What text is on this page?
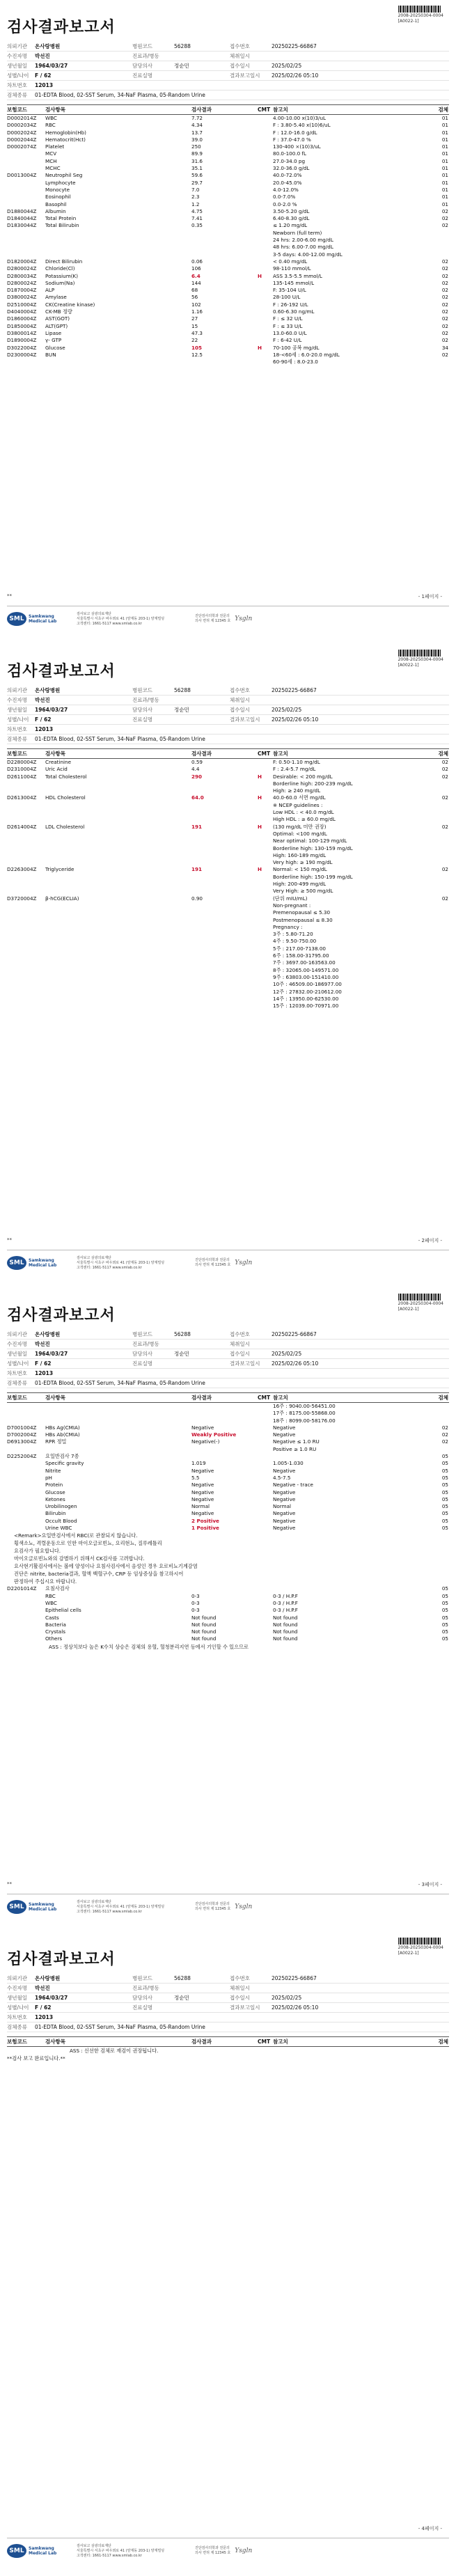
2008-20250304-0004
[A0022-1]
검사결과보고서
의뢰기관	온사랑병원	병원코드	56288	접수번호	20250225-66867
수진자명	박선진	진료과/병동	체취일시
생년월일	1964/03/27	담당의사	정순민	접수일시	2025/02/25
성별/나이	F / 62	진료실명	결과보고일시	2025/02/26 05:10
차트번호	12013
검체종류	01-EDTA Blood, 02-SST Serum, 34-NaF Plasma, 05-Random Urine
보험코드	검사항목	검사결과	CMT 참고치	검체
D0002014Z	WBC	7.72	4.00-10.00 x(10)3/uL	01
D0002034Z	RBC	4.34	F : 3.80-5.40 x(10)6/uL	01
D0002024Z	Hemoglobin(Hb)	13.7	F : 12.0-16.0 g/dL	01
D0002044Z	Hematocrit(Hct)	39.0	F : 37.0-47.0 %	01
D0002074Z	Platelet	250	130-400 ×(10)3/uL	01
MCV	89.9	80.0-100.0 fL	01
MCH	31.6	27.0-34.0 pg	01
MCHC	35.1	32.0-36.0 g/dL	01
D0013004Z	Neutrophil Seg	59.6	40.0-72.0%	01
Lymphocyte	29.7	20.0-45.0%	01
Monocyte	7.0	4.0-12.0%	01
Eosinophil	2.3	0.0-7.0%	01
Basophil	1.2	0.0-2.0 %	01
D1880044Z	Albumin	4.75	3.50-5.20 g/dL	02
D1840044Z	Total Protein	7.41	6.40-8.30 g/dL	02
D1830044Z	Total Bilirubin	0.35	≤ 1.20 mg/dL	02
Newborn (full term)
24 hrs: 2.00-6.00 mg/dL
48 hrs: 6.00-7.00 mg/dL
3-5 days: 4.00-12.00 mg/dL
D1820004Z	Direct Bilirubin	0.06	< 0.40 mg/dL	02
D2800024Z	Chloride(Cl)	106	98-110 mmol/L	02
D2800034Z	Potassium(K)	6.4	H	ASS 3.5-5.5 mmol/L	02
D2800024Z	Sodium(Na)	144	135-145 mmol/L	02
D1870004Z	ALP	68	F: 35-104 U/L	02
D3800024Z	Amylase	56	28-100 U/L	02
D2510004Z	CK(Creatine kinase)	102	F : 26-192 U/L	02
D4040004Z	CK-MB 정량	1.16	0.60-6.30 ng/mL	02
D1860004Z	AST(GOT)	27	F : ≤ 32 U/L	02
D1850004Z	ALT(GPT)	15	F : ≤ 33 U/L	02
D3800014Z	Lipase	47.3	13.0-60.0 U/L	02
D1890004Z	γ- GTP	22	F : 6-42 U/L	02
D3022004Z	Glucose	105	H	70-100 공복 mg/dL	34
D2300004Z	BUN	12.5	18-<60세 : 6.0-20.0 mg/dL	02
60-90세 : 8.0-23.0
**	- 1페이지 -
SML	Samkwang
Medical Lab
검사보고 삼광의료재단
서울특별시 서초구 바우뫼로 41 (양재동 203-1) 양재빌딩
고객센터: 1661-5117 www.smlab.co.kr
진단검사의학과 전문의
의사 면허 제 12345 호 Ysgln
2008-20250304-0004
[A0022-1]
검사결과보고서
의뢰기관	온사랑병원	병원코드	56288	접수번호	20250225-66867
수진자명	박선진	진료과/병동	체취일시
생년월일	1964/03/27	담당의사	정순민	접수일시	2025/02/25
성별/나이	F / 62	진료실명	결과보고일시	2025/02/26 05:10
차트번호	12013
검체종류	01-EDTA Blood, 02-SST Serum, 34-NaF Plasma, 05-Random Urine
보험코드	검사항목	검사결과	CMT 참고치	검체
D2280004Z	Creatinine	0.59	F: 0.50-1.10 mg/dL	02
D2310004Z	Uric Acid	4.4	F : 2.4-5.7 mg/dL	02
D2611004Z	Total Cholesterol	290	H	Desirable: < 200 mg/dL	02
Borderline high: 200-239 mg/dL
High: ≥ 240 mg/dL
D2613004Z	HDL Cholesterol	64.0	H	40.0-60.0 서면 mg/dL	02
※ NCEP guidelines :
Low HDL : < 40.0 mg/dL
High HDL : ≥ 60.0 mg/dL
D2614004Z	LDL Cholesterol	191	H	(130 mg/dL 미만 권장)	02
Optimal: <100 mg/dL
Near optimal: 100-129 mg/dL
Borderline high: 130-159 mg/dL
High: 160-189 mg/dL
Very high: ≥ 190 mg/dL
D2263004Z	Triglyceride	191	H	Normal: < 150 mg/dL	02
Borderline high: 150-199 mg/dL
High: 200-499 mg/dL
Very High: ≥ 500 mg/dL
D3720004Z	β-hCG(ECLIA)	0.90	(단위 mIU/mL)	02
Non-pregnant :
Premenopausal ≤ 5.30
Postmenopausal ≤ 8.30
Pregnancy :
3주 : 5.80-71.20
4주 : 9.50-750.00
5주 : 217.00-7138.00
6주 : 158.00-31795.00
7주 : 3697.00-163563.00
8주 : 32065.00-149571.00
9주 : 63803.00-151410.00
10주 : 46509.00-186977.00
12주 : 27832.00-210612.00
14주 : 13950.00-62530.00
15주 : 12039.00-70971.00
**	- 2페이지 -
SML	Samkwang
Medical Lab
검사보고 삼광의료재단
서울특별시 서초구 바우뫼로 41 (양재동 203-1) 양재빌딩
고객센터: 1661-5117 www.smlab.co.kr
진단검사의학과 전문의
의사 면허 제 12345 호 Ysgln
2008-20250304-0004
[A0022-1]
검사결과보고서
의뢰기관	온사랑병원	병원코드	56288	접수번호	20250225-66867
수진자명	박선진	진료과/병동	체취일시
생년월일	1964/03/27	담당의사	정순민	접수일시	2025/02/25
성별/나이	F / 62	진료실명	결과보고일시	2025/02/26 05:10
차트번호	12013
검체종류	01-EDTA Blood, 02-SST Serum, 34-NaF Plasma, 05-Random Urine
보험코드	검사항목	검사결과	CMT 참고치	검체
16주 : 9040.00-56451.00
17주 : 8175.00-55868.00
18주 : 8099.00-58176.00
D7001004Z	HBs Ag(CMIA)	Negative	Negative	02
D7002004Z	HBs Ab(CMIA)	Weakly Positive	Negative	02
D6913004Z	RPR 정밀	Negative(-)	Negative ≤ 1.0 RU	02
Positive ≥ 1.0 RU
D2252004Z	요일반검사 7종	05
Specific gravity	1.019	1.005-1.030	05
Nitrite	Negative	Negative	05
pH	5.5	4.5-7.5	05
Protein	Negative	Negative - trace	05
Glucose	Negative	Negative	05
Ketones	Negative	Negative	05
Urobilinogen	Normal	Normal	05
Bilirubin	Negative	Negative	05
Occult Blood	2 Positive	Negative	05
Urine WBC	1 Positive	Negative	05
<Remark>요일반검사에서 RBC(로 관찰되지 않습니다.
횡색소뇨, 격렬운동으로 인한 마이오글로빈뇨, 요리현뇨, 질루레틀리
요검사가 필요합니다.
마이오글로빈뇨와의 감별하기 위해서 CK검사를 고려합니다.
요사현기활검사에서는 볼에 양성이나 요침사검사에서 음성인 경우 요로비뇨기계감염
진단은 nitrite, bacteria결과, 혈액 백혈구수, CRP 등 임상증상을 참고하시어
판정하여 주십시요 바랍니다.
D2201014Z	요침사검사	05
RBC	0-3	0-3 / H.P.F	05
WBC	0-3	0-3 / H.P.F	05
Epithelial cells	0-3	0-3 / H.P.F	05
Casts	Not found	Not found	05
Bacteria	Not found	Not found	05
Crystals	Not found	Not found	05
Others	Not found	Not found	05
ASS : 정상치보다 높은 K수치 상승은 검체의 용혈, 혈청분리지연 등에서 기인할 수 있으므로
**	- 3페이지 -
SML	Samkwang
Medical Lab
검사보고 삼광의료재단
서울특별시 서초구 바우뫼로 41 (양재동 203-1) 양재빌딩
고객센터: 1661-5117 www.smlab.co.kr
진단검사의학과 전문의
의사 면허 제 12345 호 Ysgln
2008-20250304-0004
[A0022-1]
검사결과보고서
의뢰기관	온사랑병원	병원코드	56288	접수번호	20250225-66867
수진자명	박선진	진료과/병동	체취일시
생년월일	1964/03/27	담당의사	정순민	접수일시	2025/02/25
성별/나이	F / 62	진료실명	결과보고일시	2025/02/26 05:10
차트번호	12013
검체종류	01-EDTA Blood, 02-SST Serum, 34-NaF Plasma, 05-Random Urine
보험코드	검사항목	검사결과	CMT 참고치	검체
ASS : 신선한 검체로 재검이 권장됩니다.
**검사 보고 완료입니다.**
- 4페이지 -
SML	Samkwang
Medical Lab
검사보고 삼광의료재단
서울특별시 서초구 바우뫼로 41 (양재동 203-1) 양재빌딩
고객센터: 1661-5117 www.smlab.co.kr
진단검사의학과 전문의
의사 면허 제 12345 호 Ysgln
